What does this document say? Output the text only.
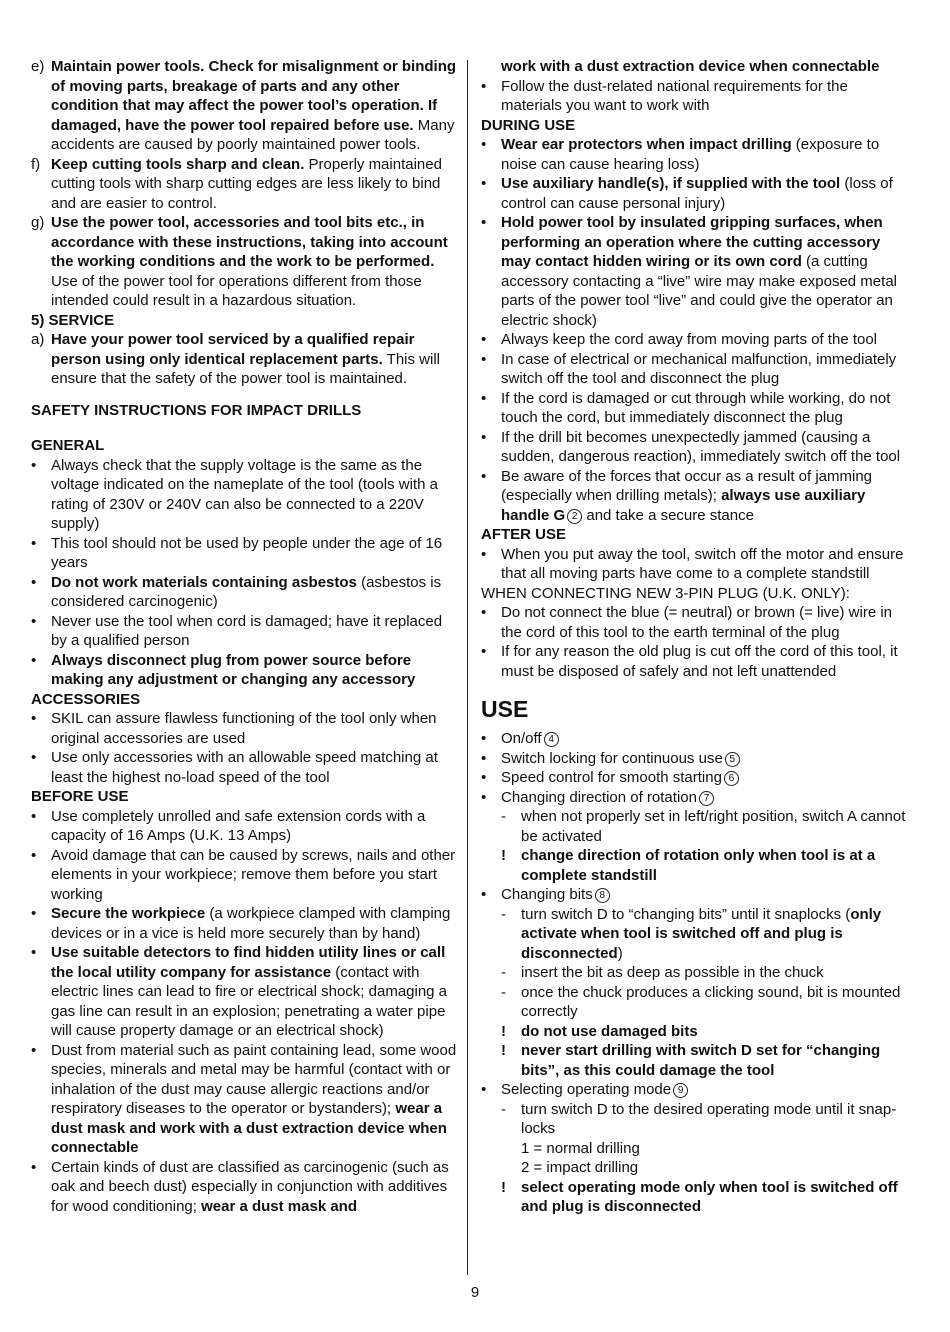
e) Maintain power tools. Check for misalignment or binding of moving parts, breakage of parts and any other condition that may affect the power tool’s operation. If damaged, have the power tool repaired before use. Many accidents are caused by poorly maintained power tools.
f) Keep cutting tools sharp and clean. Properly maintained cutting tools with sharp cutting edges are less likely to bind and are easier to control.
g) Use the power tool, accessories and tool bits etc., in accordance with these instructions, taking into account the working conditions and the work to be performed. Use of the power tool for operations different from those intended could result in a hazardous situation.
5) SERVICE
a) Have your power tool serviced by a qualified repair person using only identical replacement parts. This will ensure that the safety of the power tool is maintained.
SAFETY INSTRUCTIONS FOR IMPACT DRILLS
GENERAL
• Always check that the supply voltage is the same as the voltage indicated on the nameplate of the tool (tools with a rating of 230V or 240V can also be connected to a 220V supply)
• This tool should not be used by people under the age of 16 years
• Do not work materials containing asbestos (asbestos is considered carcinogenic)
• Never use the tool when cord is damaged; have it replaced by a qualified person
• Always disconnect plug from power source before making any adjustment or changing any accessory
ACCESSORIES
• SKIL can assure flawless functioning of the tool only when original accessories are used
• Use only accessories with an allowable speed matching at least the highest no-load speed of the tool
BEFORE USE
• Use completely unrolled and safe extension cords with a capacity of 16 Amps (U.K. 13 Amps)
• Avoid damage that can be caused by screws, nails and other elements in your workpiece; remove them before you start working
• Secure the workpiece (a workpiece clamped with clamping devices or in a vice is held more securely than by hand)
• Use suitable detectors to find hidden utility lines or call the local utility company for assistance (contact with electric lines can lead to fire or electrical shock; damaging a gas line can result in an explosion; penetrating a water pipe will cause property damage or an electrical shock)
• Dust from material such as paint containing lead, some wood species, minerals and metal may be harmful (contact with or inhalation of the dust may cause allergic reactions and/or respiratory diseases to the operator or bystanders); wear a dust mask and work with a dust extraction device when connectable
• Certain kinds of dust are classified as carcinogenic (such as oak and beech dust) especially in conjunction with additives for wood conditioning; wear a dust mask and
work with a dust extraction device when connectable
• Follow the dust-related national requirements for the materials you want to work with
DURING USE
• Wear ear protectors when impact drilling (exposure to noise can cause hearing loss)
• Use auxiliary handle(s), if supplied with the tool (loss of control can cause personal injury)
• Hold power tool by insulated gripping surfaces, when performing an operation where the cutting accessory may contact hidden wiring or its own cord (a cutting accessory contacting a “live” wire may make exposed metal parts of the power tool “live” and could give the operator an electric shock)
• Always keep the cord away from moving parts of the tool
• In case of electrical or mechanical malfunction, immediately switch off the tool and disconnect the plug
• If the cord is damaged or cut through while working, do not touch the cord, but immediately disconnect the plug
• If the drill bit becomes unexpectedly jammed (causing a sudden, dangerous reaction), immediately switch off the tool
• Be aware of the forces that occur as a result of jamming (especially when drilling metals); always use auxiliary handle G 2 and take a secure stance
AFTER USE
• When you put away the tool, switch off the motor and ensure that all moving parts have come to a complete standstill
WHEN CONNECTING NEW 3-PIN PLUG (U.K. ONLY):
• Do not connect the blue (= neutral) or brown (= live) wire in the cord of this tool to the earth terminal of the plug
• If for any reason the old plug is cut off the cord of this tool, it must be disposed of safely and not left unattended
USE
• On/off 4
• Switch locking for continuous use 5
• Speed control for smooth starting 6
• Changing direction of rotation 7
- when not properly set in left/right position, switch A cannot be activated
! change direction of rotation only when tool is at a complete standstill
• Changing bits 8
- turn switch D to “changing bits” until it snaplocks (only activate when tool is switched off and plug is disconnected)
- insert the bit as deep as possible in the chuck
- once the chuck produces a clicking sound, bit is mounted correctly
! do not use damaged bits
! never start drilling with switch D set for “changing bits”, as this could damage the tool
• Selecting operating mode 9
- turn switch D to the desired operating mode until it snap-locks
1 = normal drilling
2 = impact drilling
! select operating mode only when tool is switched off and plug is disconnected
9
